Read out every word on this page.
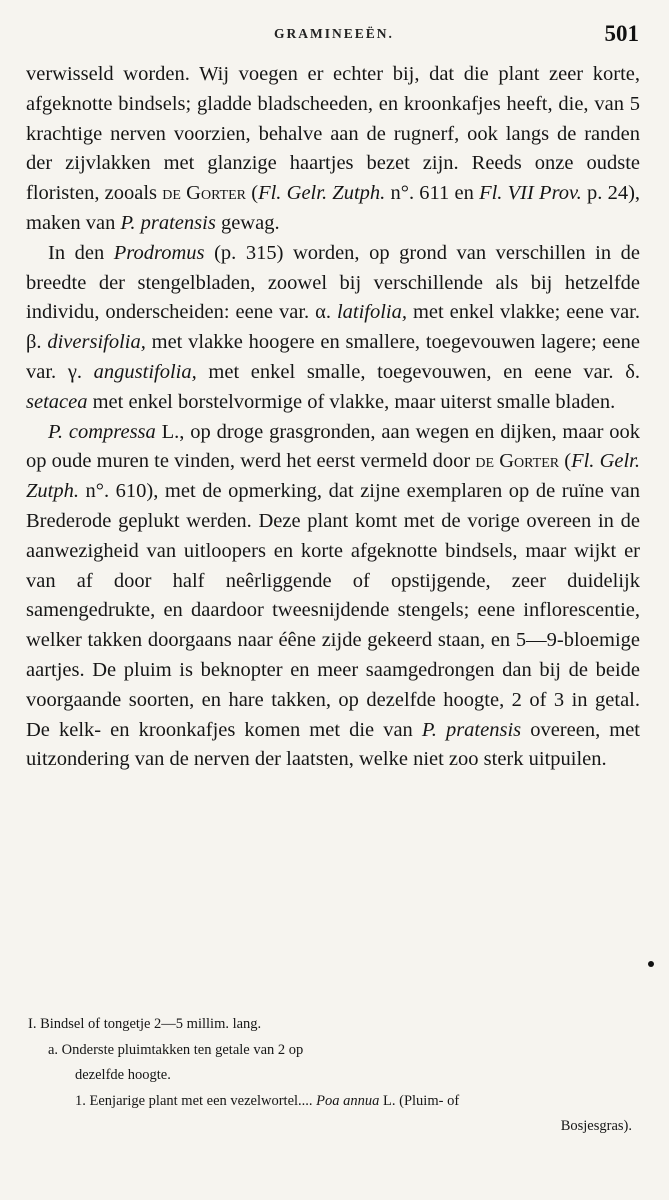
GRAMINEEËN.	501

verwisseld worden. Wij voegen er echter bij, dat die plant zeer korte, afgeknotte bindsels; gladde bladscheeden, en kroonkafjes heeft, die, van 5 krachtige nerven voorzien, behalve aan de rugnerf, ook langs de randen der zijvlakken met glanzige haartjes bezet zijn. Reeds onze oudste floristen, zooals de Gorter (Fl. Gelr. Zutph. n°. 611 en Fl. VII Prov. p. 24), maken van P. pratensis gewag.

In den Prodromus (p. 315) worden, op grond van verschillen in de breedte der stengelbladen, zoowel bij verschillende als bij hetzelfde individu, onderscheiden: eene var. α. latifolia, met enkel vlakke; eene var. β. diversifolia, met vlakke hoogere en smallere, toegevouwen lagere; eene var. γ. angustifolia, met enkel smalle, toegevouwen, en eene var. δ. setacea met enkel borstelvormige of vlakke, maar uiterst smalle bladen.

P. compressa L., op droge grasgronden, aan wegen en dijken, maar ook op oude muren te vinden, werd het eerst vermeld door de Gorter (Fl. Gelr. Zutph. n°. 610), met de opmerking, dat zijne exemplaren op de ruïne van Brederode geplukt werden. Deze plant komt met de vorige overeen in de aanwezigheid van uitloopers en korte afgeknotte bindsels, maar wijkt er van af door half neêrliggende of opstijgende, zeer duidelijk samengedrukte, en daardoor tweesnijdende stengels; eene inflorescentie, welker takken doorgaans naar éêne zijde gekeerd staan, en 5—9-bloemige aartjes. De pluim is beknopter en meer saamgedrongen dan bij de beide voorgaande soorten, en hare takken, op dezelfde hoogte, 2 of 3 in getal. De kelk- en kroonkafjes komen met die van P. pratensis overeen, met uitzondering van de nerven der laatsten, welke niet zoo sterk uitpuilen.

I. Bindsel of tongetje 2—5 millim. lang.
a. Onderste pluimtakken ten getale van 2 op
dezelfde hoogte.
1. Eenjarige plant met een vezelwortel.... Poa annua L. (Pluim- of
Bosjesgras).
